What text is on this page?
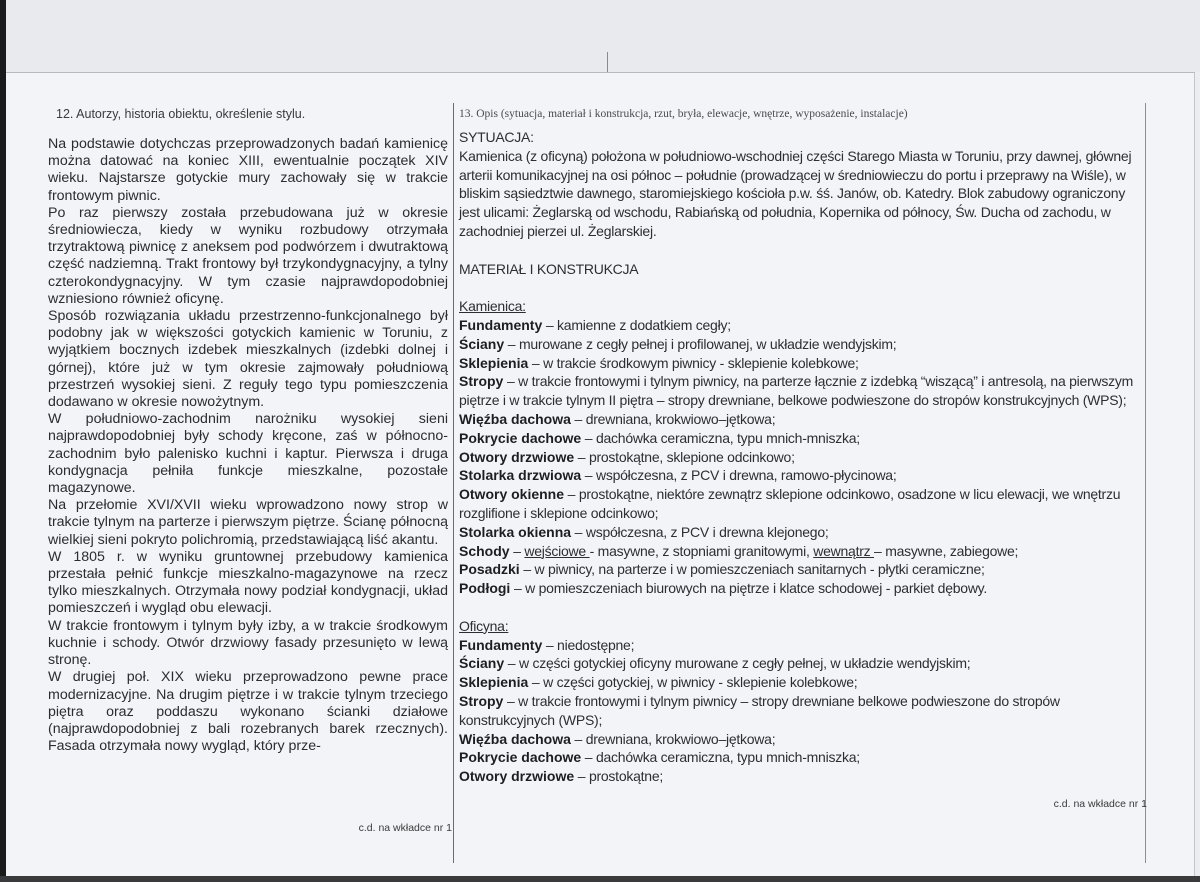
12. Autorzy, historia obiektu, określenie stylu.

Na podstawie dotychczas przeprowadzonych badań kamienicę można datować na koniec XIII, ewentualnie początek XIV wieku. Najstarsze gotyckie mury zachowały się w trakcie frontowym piwnic.

Po raz pierwszy została przebudowana już w okresie średniowiecza, kiedy w wyniku rozbudowy otrzymała trzytraktową piwnicę z aneksem pod podwórzem i dwutraktową część nadziemną. Trakt frontowy był trzykondygnacyjny, a tylny czterokondygnacyjny. W tym czasie najprawdopodobniej wzniesiono również oficynę.

Sposób rozwiązania układu przestrzenno-funkcjonalnego był podobny jak w większości gotyckich kamienic w Toruniu, z wyjątkiem bocznych izdebek mieszkalnych (izdebki dolnej i górnej), które już w tym okresie zajmowały południową przestrzeń wysokiej sieni. Z reguły tego typu pomieszczenia dodawano w okresie nowożytnym.

W południowo-zachodnim narożniku wysokiej sieni najprawdopodobniej były schody kręcone, zaś w północno-zachodnim było palenisko kuchni i kaptur. Pierwsza i druga kondygnacja pełniła funkcje mieszkalne, pozostałe magazynowe.

Na przełomie XVI/XVII wieku wprowadzono nowy strop w trakcie tylnym na parterze i pierwszym piętrze. Ścianę północną wielkiej sieni pokryto polichromią, przedstawiającą liść akantu.

W 1805 r. w wyniku gruntownej przebudowy kamienica przestała pełnić funkcje mieszkalno-magazynowe na rzecz tylko mieszkalnych. Otrzymała nowy podział kondygnacji, układ pomieszczeń i wygląd obu elewacji.

W trakcie frontowym i tylnym były izby, a w trakcie środkowym kuchnie i schody. Otwór drzwiowy fasady przesunięto w lewą stronę.

W drugiej poł. XIX wieku przeprowadzono pewne prace modernizacyjne. Na drugim piętrze i w trakcie tylnym trzeciego piętra oraz poddaszu wykonano ścianki działowe (najprawdopodobniej z bali rozebranych barek rzecznych). Fasada otrzymała nowy wygląd, który prze-

c.d. na wkładce nr 1
13. Opis (sytuacja, materiał i konstrukcja, rzut, bryła, elewacje, wnętrze, wyposażenie, instalacje)

SYTUACJA:

Kamienica (z oficyną) położona w południowo-wschodniej części Starego Miasta w Toruniu, przy dawnej, głównej arterii komunikacyjnej na osi północ – południe (prowadzącej w średniowieczu do portu i przeprawy na Wiśle), w bliskim sąsiedztwie dawnego, staromiejskiego kościoła p.w. śś. Janów, ob. Katedry. Blok zabudowy ograniczony jest ulicami: Żeglarską od wschodu, Rabiańską od południa, Kopernika od północy, Św. Ducha od zachodu, w zachodniej pierzei ul. Żeglarskiej.

MATERIAŁ I KONSTRUKCJA

Kamienica:

Fundamenty – kamienne z dodatkiem cegły;

Ściany – murowane z cegły pełnej i profilowanej, w układzie wendyjskim;

Sklepienia – w trakcie środkowym piwnicy - sklepienie kolebkowe;

Stropy – w trakcie frontowymi i tylnym piwnicy, na parterze łącznie z izdebką “wiszącą” i antresolą, na pierwszym piętrze i w trakcie tylnym II piętra – stropy drewniane, belkowe podwieszone do stropów konstrukcyjnych (WPS);

Więźba dachowa – drewniana, krokwiowo–jętkowa;

Pokrycie dachowe – dachówka ceramiczna, typu mnich-mniszka;

Otwory drzwiowe – prostokątne, sklepione odcinkowo;

Stolarka drzwiowa – współczesna, z PCV i drewna, ramowo-płycinowa;

Otwory okienne – prostokątne, niektóre zewnątrz sklepione odcinkowo, osadzone w licu elewacji, we wnętrzu rozglifione i sklepione odcinkowo;

Stolarka okienna – współczesna, z PCV i drewna klejonego;

Schody – wejściowe - masywne, z stopniami granitowymi, wewnątrz – masywne, zabiegowe;

Posadzki – w piwnicy, na parterze i w pomieszczeniach sanitarnych - płytki ceramiczne;

Podłogi – w pomieszczeniach biurowych na piętrze i klatce schodowej - parkiet dębowy.

Oficyna:

Fundamenty – niedostępne;

Ściany – w części gotyckiej oficyny murowane z cegły pełnej, w układzie wendyjskim;

Sklepienia – w części gotyckiej, w piwnicy - sklepienie kolebkowe;

Stropy – w trakcie frontowymi i tylnym piwnicy – stropy drewniane belkowe podwieszone do stropów konstrukcyjnych (WPS);

Więźba dachowa – drewniana, krokwiowo–jętkowa;

Pokrycie dachowe – dachówka ceramiczna, typu mnich-mniszka;

Otwory drzwiowe – prostokątne;

c.d. na wkładce nr 1
